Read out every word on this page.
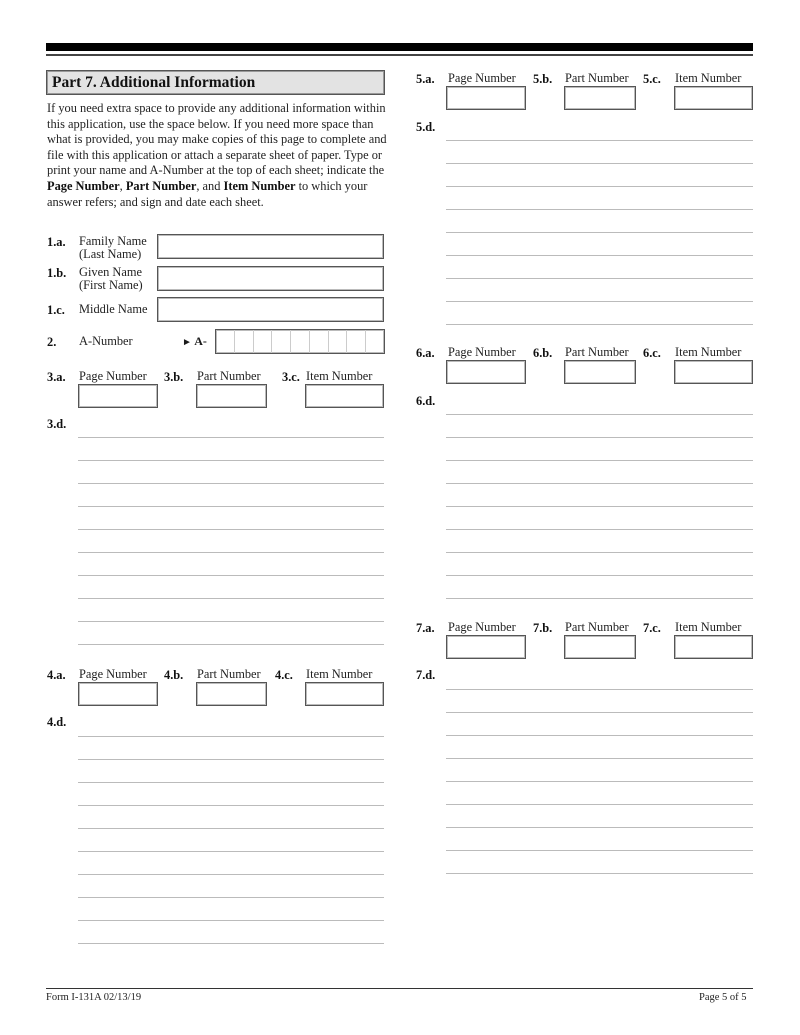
Part 7. Additional Information
If you need extra space to provide any additional information within this application, use the space below. If you need more space than what is provided, you may make copies of this page to complete and file with this application or attach a separate sheet of paper. Type or print your name and A-Number at the top of each sheet; indicate the Page Number, Part Number, and Item Number to which your answer refers; and sign and date each sheet.
1.a. Family Name
(Last Name)
1.b. Given Name
(First Name)
1.c. Middle Name
2. A-Number	► A-
3.a. Page Number 3.b. Part Number 3.c. Item Number
3.d.
4.a. Page Number 4.b. Part Number 4.c. Item Number
4.d.
5.a. Page Number 5.b. Part Number 5.c. Item Number
5.d.
6.a. Page Number 6.b. Part Number 6.c. Item Number
6.d.
7.a. Page Number 7.b. Part Number 7.c. Item Number
7.d.
Form I-131A 02/13/19	Page 5 of 5
